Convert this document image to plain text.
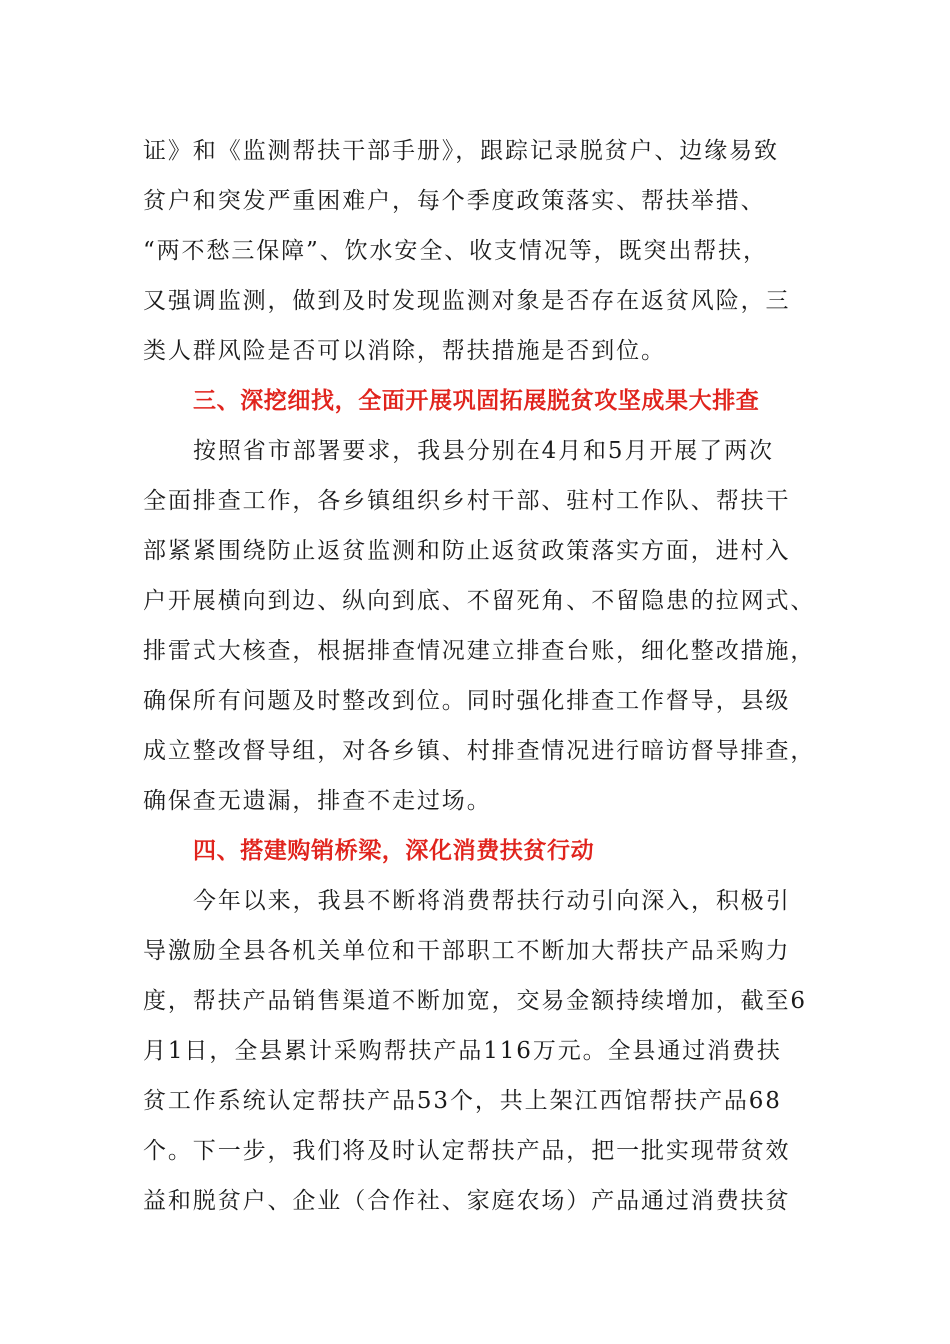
证》和《监测帮扶干部手册》，跟踪记录脱贫户、边缘易致
贫户和突发严重困难户，每个季度政策落实、帮扶举措、
“两不愁三保障”、饮水安全、收支情况等，既突出帮扶，
又强调监测，做到及时发现监测对象是否存在返贫风险，三
类人群风险是否可以消除，帮扶措施是否到位。
三、深挖细找，全面开展巩固拓展脱贫攻坚成果大排查
按照省市部署要求，我县分别在4月和5月开展了两次
全面排查工作，各乡镇组织乡村干部、驻村工作队、帮扶干
部紧紧围绕防止返贫监测和防止返贫政策落实方面，进村入
户开展横向到边、纵向到底、不留死角、不留隐患的拉网式、
排雷式大核查，根据排查情况建立排查台账，细化整改措施，
确保所有问题及时整改到位。同时强化排查工作督导，县级
成立整改督导组，对各乡镇、村排查情况进行暗访督导排查，
确保查无遗漏，排查不走过场。
四、搭建购销桥梁，深化消费扶贫行动
今年以来，我县不断将消费帮扶行动引向深入，积极引
导激励全县各机关单位和干部职工不断加大帮扶产品采购力
度，帮扶产品销售渠道不断加宽，交易金额持续增加，截至6
月1日，全县累计采购帮扶产品116万元。全县通过消费扶
贫工作系统认定帮扶产品53个，共上架江西馆帮扶产品68
个。下一步，我们将及时认定帮扶产品，把一批实现带贫效
益和脱贫户、企业（合作社、家庭农场）产品通过消费扶贫
